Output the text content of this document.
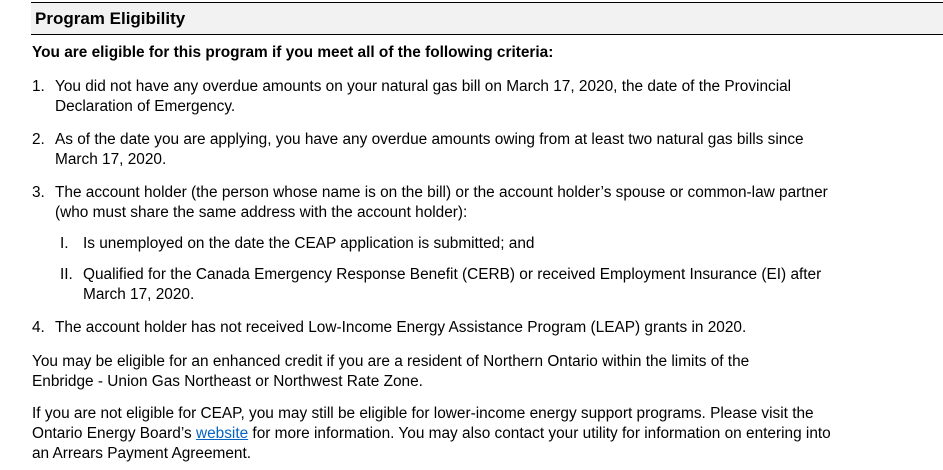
Program Eligibility
You are eligible for this program if you meet all of the following criteria:
1. You did not have any overdue amounts on your natural gas bill on March 17, 2020, the date of the Provincial
Declaration of Emergency.
2. As of the date you are applying, you have any overdue amounts owing from at least two natural gas bills since
March 17, 2020.
3. The account holder (the person whose name is on the bill) or the account holder’s spouse or common-law partner
(who must share the same address with the account holder):
I. Is unemployed on the date the CEAP application is submitted; and
II. Qualified for the Canada Emergency Response Benefit (CERB) or received Employment Insurance (EI) after
March 17, 2020.
4. The account holder has not received Low-Income Energy Assistance Program (LEAP) grants in 2020.
You may be eligible for an enhanced credit if you are a resident of Northern Ontario within the limits of the
Enbridge - Union Gas Northeast or Northwest Rate Zone.
If you are not eligible for CEAP, you may still be eligible for lower-income energy support programs. Please visit the
Ontario Energy Board’s website for more information. You may also contact your utility for information on entering into
an Arrears Payment Agreement.
